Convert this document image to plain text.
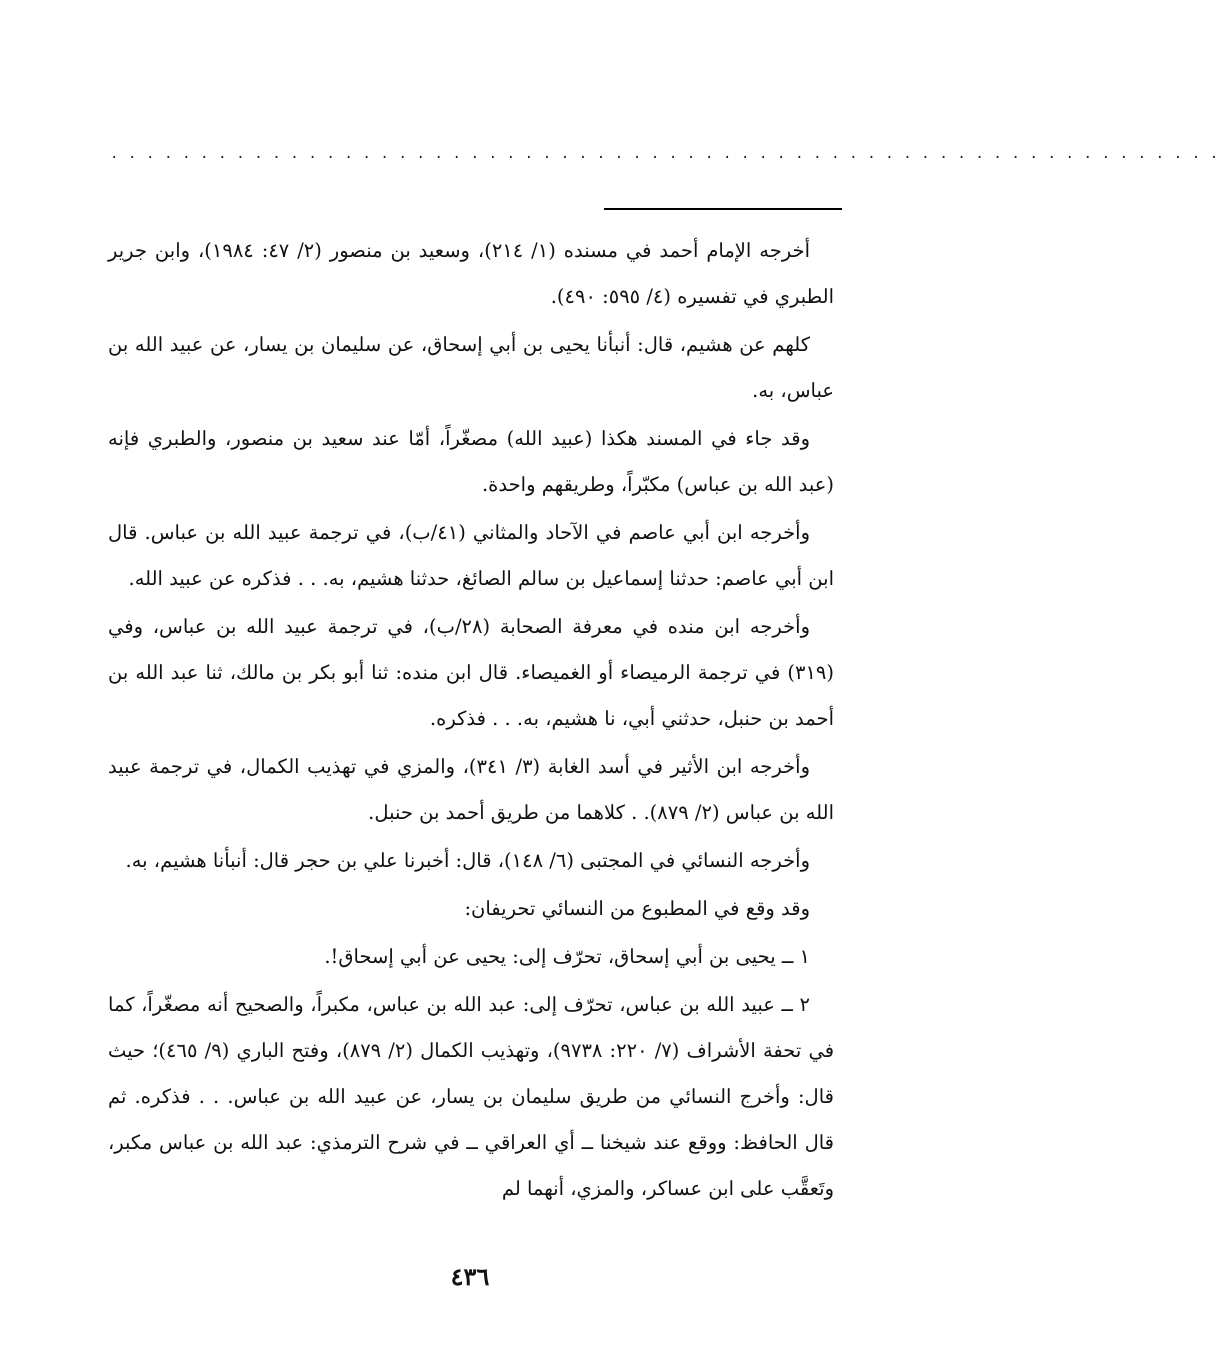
..............................................................

أخرجه الإمام أحمد في مسنده (١/ ٢١٤)، وسعيد بن منصور (٢/ ٤٧: ١٩٨٤)، وابن جرير الطبري في تفسيره (٤/ ٥٩٥: ٤٩٠).

كلهم عن هشيم، قال: أنبأنا يحيى بن أبي إسحاق، عن سليمان بن يسار، عن عبيد الله بن عباس، به.

وقد جاء في المسند هكذا (عبيد الله) مصغّراً، أمّا عند سعيد بن منصور، والطبري فإنه (عبد الله بن عباس) مكبّراً، وطريقهم واحدة.

وأخرجه ابن أبي عاصم في الآحاد والمثاني (٤١/ب)، في ترجمة عبيد الله بن عباس. قال ابن أبي عاصم: حدثنا إسماعيل بن سالم الصائغ، حدثنا هشيم، به. . . فذكره عن عبيد الله.

وأخرجه ابن منده في معرفة الصحابة (٢٨/ب)، في ترجمة عبيد الله بن عباس، وفي (٣١٩) في ترجمة الرميصاء أو الغميصاء. قال ابن منده: ثنا أبو بكر بن مالك، ثنا عبد الله بن أحمد بن حنبل، حدثني أبي، نا هشيم، به. . . فذكره.

وأخرجه ابن الأثير في أسد الغابة (٣/ ٣٤١)، والمزي في تهذيب الكمال، في ترجمة عبيد الله بن عباس (٢/ ٨٧٩). . كلاهما من طريق أحمد بن حنبل.

وأخرجه النسائي في المجتبى (٦/ ١٤٨)، قال: أخبرنا علي بن حجر قال: أنبأنا هشيم، به.

وقد وقع في المطبوع من النسائي تحريفان:

١ ــ يحيى بن أبي إسحاق، تحرّف إلى: يحيى عن أبي إسحاق!.

٢ ــ عبيد الله بن عباس، تحرّف إلى: عبد الله بن عباس، مكبراً، والصحيح أنه مصغّراً، كما في تحفة الأشراف (٧/ ٢٢٠: ٩٧٣٨)، وتهذيب الكمال (٢/ ٨٧٩)، وفتح الباري (٩/ ٤٦٥)؛ حيث قال: وأخرج النسائي من طريق سليمان بن يسار، عن عبيد الله بن عباس. . . فذكره. ثم قال الحافظ: ووقع عند شيخنا ــ أي العراقي ــ في شرح الترمذي: عبد الله بن عباس مكبر، وتَعقَّب على ابن عساكر، والمزي، أنهما لم

٤٣٦
